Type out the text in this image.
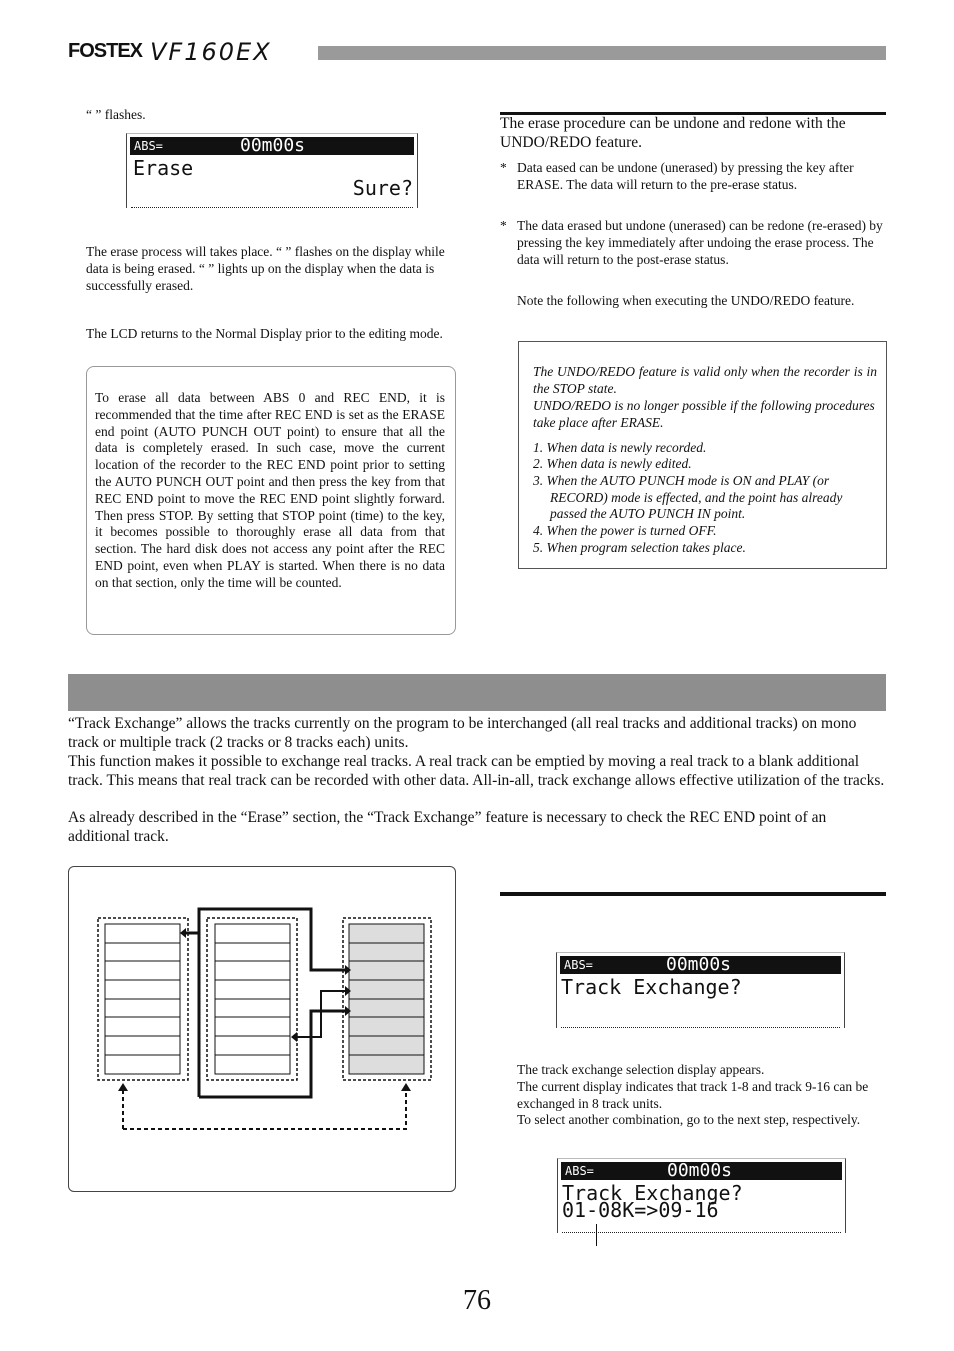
FOSTEX VF160EX
“ ” flashes.
ABS=	00m00s
Erase
Sure?
The erase process will takes place. “ ” flashes on the display while data is being erased. “ ” lights up on the display when the data is successfully erased.
The LCD returns to the Normal Display prior to the editing mode.
To erase all data between ABS 0 and REC END, it is recommended that the time after REC END is set as the ERASE end point (AUTO PUNCH OUT point) to ensure that all the data is completely erased. In such case, move the current location of the recorder to the REC END point prior to setting the AUTO PUNCH OUT point and then press the key from that REC END point to move the REC END point slightly forward. Then press STOP. By setting that STOP point (time) to the key, it becomes possible to thoroughly erase all data from that section. The hard disk does not access any point after the REC END point, even when PLAY is started. When there is no data on that section, only the time will be counted.
The erase procedure can be undone and redone with the UNDO/REDO feature.
* Data eased can be undone (unerased) by pressing the key after ERASE. The data will return to the pre-erase status.
* The data erased but undone (unerased) can be redone (re-erased) by pressing the key immediately after undoing the erase process. The data will return to the post-erase status.
Note the following when executing the UNDO/REDO feature.
The UNDO/REDO feature is valid only when the recorder is in the STOP state.
UNDO/REDO is no longer possible if the following procedures take place after ERASE.
1. When data is newly recorded.
2. When data is newly edited.
3. When the AUTO PUNCH mode is ON and PLAY (or
RECORD) mode is effected, and the point has already
passed the AUTO PUNCH IN point.
4. When the power is turned OFF.
5. When program selection takes place.
“Track Exchange” allows the tracks currently on the program to be interchanged (all real tracks and additional tracks) on mono track or multiple track (2 tracks or 8 tracks each) units.
This function makes it possible to exchange real tracks. A real track can be emptied by moving a real track to a blank additional track. This means that real track can be recorded with other data. All-in-all, track exchange allows effective utilization of the tracks.
As already described in the “Erase” section, the “Track Exchange” feature is necessary to check the REC END point of an additional track.
ABS=	00m00s
Track Exchange?
The track exchange selection display appears.
The current display indicates that track 1-8 and track 9-16 can be exchanged in 8 track units.
To select another combination, go to the next step, respectively.
ABS=	00m00s
Track Exchange?
01-08K=>09-16
76
